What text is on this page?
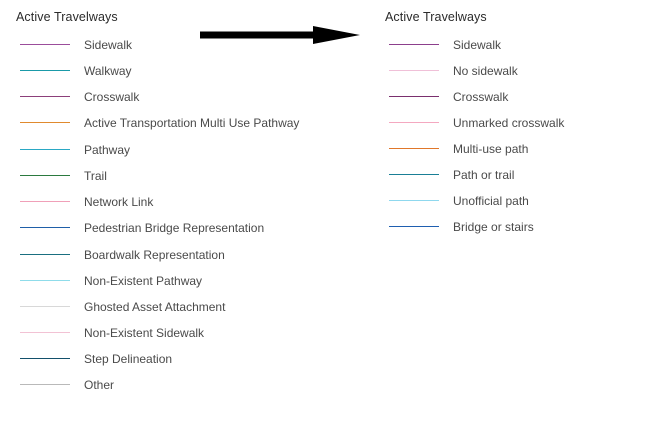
Active Travelways
Sidewalk
Walkway
Crosswalk
Active Transportation Multi Use Pathway
Pathway
Trail
Network Link
Pedestrian Bridge Representation
Boardwalk Representation
Non-Existent Pathway
Ghosted Asset Attachment
Non-Existent Sidewalk
Step Delineation
Other
Active Travelways
Sidewalk
No sidewalk
Crosswalk
Unmarked crosswalk
Multi-use path
Path or trail
Unofficial path
Bridge or stairs
